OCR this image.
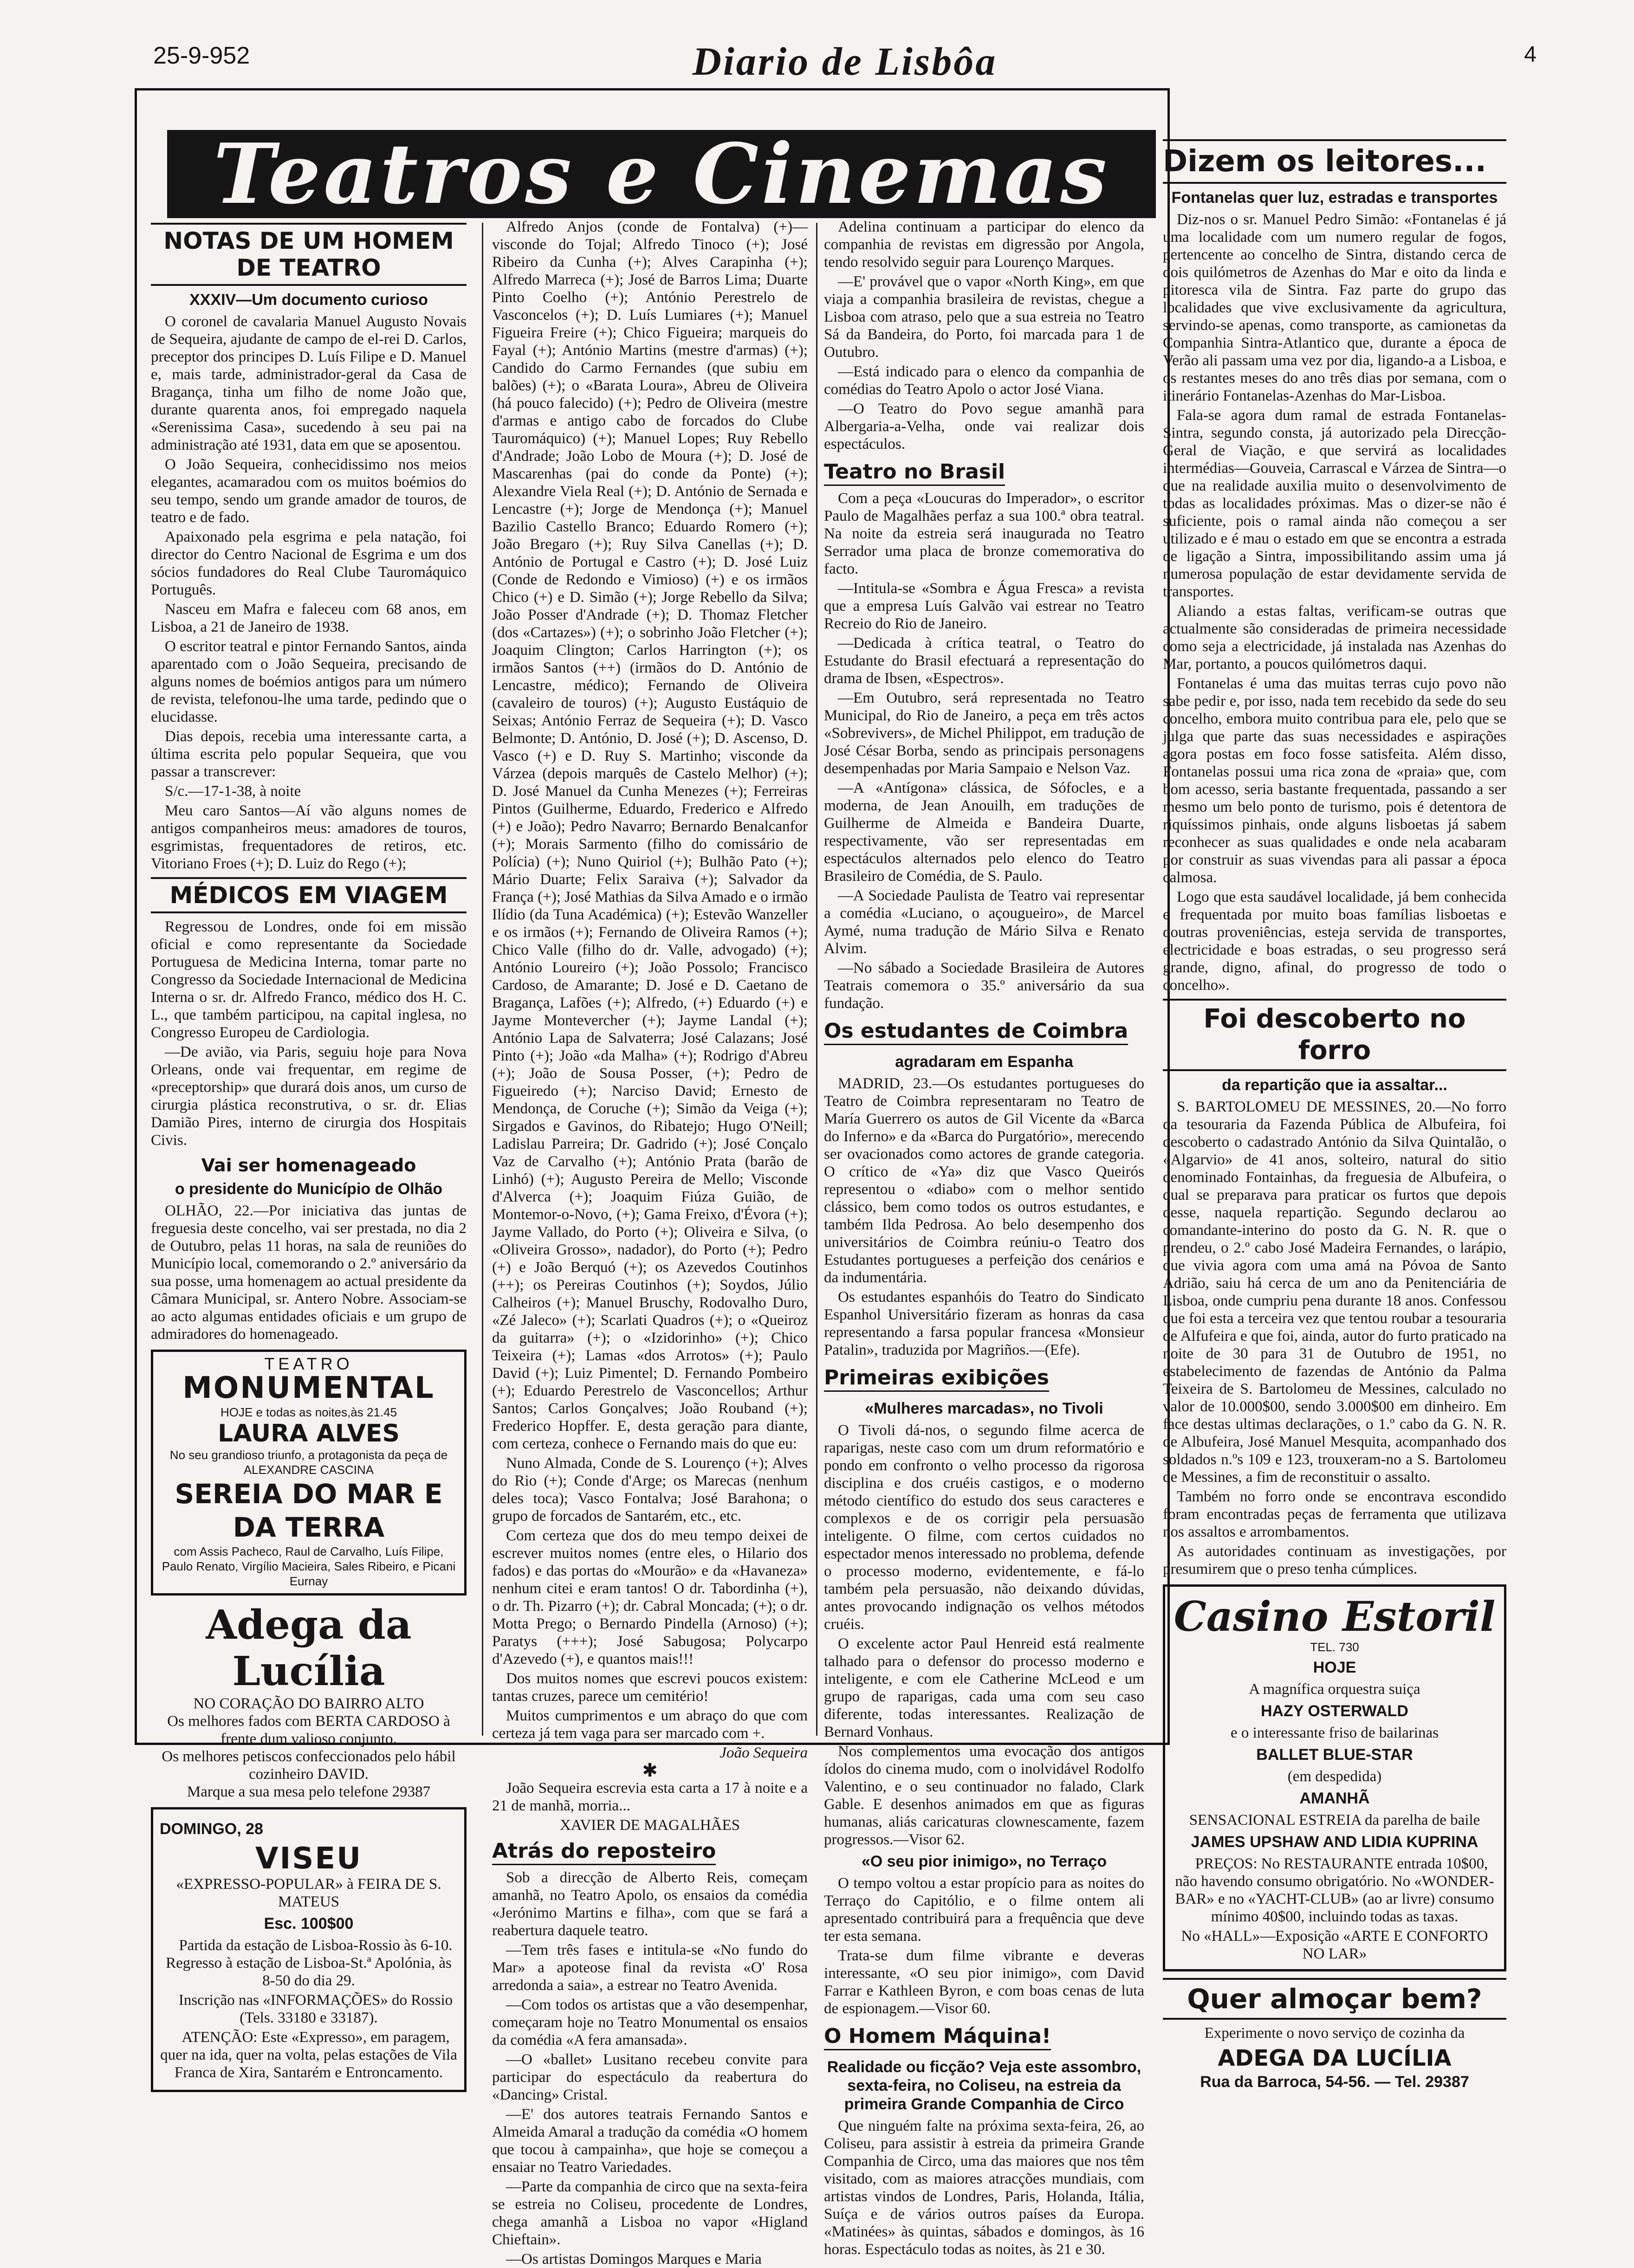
25-9-952	Diario de Lisbôa	4
Teatros e Cinemas
NOTAS DE UM HOMEM DE TEATRO
XXXIV—Um documento curioso

O coronel de cavalaria Manuel Augusto Novais de Sequeira, ajudante de campo de el-rei D. Carlos, preceptor dos principes D. Luís Filipe e D. Manuel e, mais tarde, administrador-geral da Casa de Bragança, tinha um filho de nome João que, durante quarenta anos, foi empregado naquela «Serenissima Casa», sucedendo à seu pai na administração até 1931, data em que se aposentou.

O João Sequeira, conhecidissimo nos meios elegantes, acamaradou com os muitos boémios do seu tempo, sendo um grande amador de touros, de teatro e de fado.

Apaixonado pela esgrima e pela natação, foi director do Centro Nacional de Esgrima e um dos sócios fundadores do Real Clube Tauromáquico Português.

Nasceu em Mafra e faleceu com 68 anos, em Lisboa, a 21 de Janeiro de 1938.

O escritor teatral e pintor Fernando Santos, ainda aparentado com o João Sequeira, precisando de alguns nomes de boémios antigos para um número de revista, telefonou-lhe uma tarde, pedindo que o elucidasse.

Dias depois, recebia uma interessante carta, a última escrita pelo popular Sequeira, que vou passar a transcrever:

S/c.—17-1-38, à noite

Meu caro Santos—Aí vão alguns nomes de antigos companheiros meus: amadores de touros, esgrimistas, frequentadores de retiros, etc. Vitoriano Froes (+); D. Luiz do Rego (+);

MÉDICOS EM VIAGEM

Regressou de Londres, onde foi em missão oficial e como representante da Sociedade Portuguesa de Medicina Interna, tomar parte no Congresso da Sociedade Internacional de Medicina Interna o sr. dr. Alfredo Franco, médico dos H. C. L., que também participou, na capital inglesa, no Congresso Europeu de Cardiologia.

—De avião, via Paris, seguiu hoje para Nova Orleans, onde vai frequentar, em regime de «preceptorship» que durará dois anos, um curso de cirurgia plástica reconstrutiva, o sr. dr. Elias Damião Pires, interno de cirurgia dos Hospitais Civis.

Vai ser homenageado
o presidente do Município de Olhão

OLHÃO, 22.—Por iniciativa das juntas de freguesia deste concelho, vai ser prestada, no dia 2 de Outubro, pelas 11 horas, na sala de reuniões do Município local, comemorando o 2.º aniversário da sua posse, uma homenagem ao actual presidente da Câmara Municipal, sr. Antero Nobre. Associam-se ao acto algumas entidades oficiais e um grupo de admiradores do homenageado.

TEATRO
MONUMENTAL
HOJE e todas as noites,às 21.45
LAURA ALVES
No seu grandioso triunfo, a protagonista da peça de ALEXANDRE CASCINA
SEREIA DO MAR E DA TERRA
com Assis Pacheco, Raul de Carvalho, Luís Filipe, Paulo Renato, Virgílio Macieira, Sales Ribeiro, e Picani Eurnay
Adega da Lucília
NO CORAÇÃO DO BAIRRO ALTO
Os melhores fados com BERTA CARDOSO à frente dum valioso conjunto.
Os melhores petiscos confeccionados pelo hábil cozinheiro DAVID.
Marque a sua mesa pelo telefone 29387
DOMINGO, 28
VISEU
«EXPRESSO-POPULAR» à FEIRA DE S. MATEUS
Esc. 100$00

Partida da estação de Lisboa-Rossio às 6-10. Regresso à estação de Lisboa-St.ª Apolónia, às 8-50 do dia 29.

Inscrição nas «INFORMAÇÕES» do Rossio (Tels. 33180 e 33187).

ATENÇÃO: Este «Expresso», em paragem, quer na ida, quer na volta, pelas estações de Vila Franca de Xira, Santarém e Entroncamento.

Alfredo Anjos (conde de Fontalva) (+)—visconde do Tojal; Alfredo Tinoco (+); José Ribeiro da Cunha (+); Alves Carapinha (+); Alfredo Marreca (+); José de Barros Lima; Duarte Pinto Coelho (+); António Perestrelo de Vasconcelos (+); D. Luís Lumiares (+); Manuel Figueira Freire (+); Chico Figueira; marqueis do Fayal (+); António Martins (mestre d'armas) (+); Candido do Carmo Fernandes (que subiu em balões) (+); o «Barata Loura», Abreu de Oliveira (há pouco falecido) (+); Pedro de Oliveira (mestre d'armas e antigo cabo de forcados do Clube Tauromáquico) (+); Manuel Lopes; Ruy Rebello d'Andrade; João Lobo de Moura (+); D. José de Mascarenhas (pai do conde da Ponte) (+); Alexandre Viela Real (+); D. António de Sernada e Lencastre (+); Jorge de Mendonça (+); Manuel Bazilio Castello Branco; Eduardo Romero (+); João Bregaro (+); Ruy Silva Canellas (+); D. António de Portugal e Castro (+); D. José Luiz (Conde de Redondo e Vimioso) (+) e os irmãos Chico (+) e D. Simão (+); Jorge Rebello da Silva; João Posser d'Andrade (+); D. Thomaz Fletcher (dos «Cartazes») (+); o sobrinho João Fletcher (+); Joaquim Clington; Carlos Harrington (+); os irmãos Santos (++) (irmãos do D. António de Lencastre, médico); Fernando de Oliveira (cavaleiro de touros) (+); Augusto Eustáquio de Seixas; António Ferraz de Sequeira (+); D. Vasco Belmonte; D. António, D. José (+); D. Ascenso, D. Vasco (+) e D. Ruy S. Martinho; visconde da Várzea (depois marquês de Castelo Melhor) (+); D. José Manuel da Cunha Menezes (+); Ferreiras Pintos (Guilherme, Eduardo, Frederico e Alfredo (+) e João); Pedro Navarro; Bernardo Benalcanfor (+); Morais Sarmento (filho do comissário de Polícia) (+); Nuno Quiriol (+); Bulhão Pato (+); Mário Duarte; Felix Saraiva (+); Salvador da França (+); José Mathias da Silva Amado e o irmão Ilídio (da Tuna Académica) (+); Estevão Wanzeller e os irmãos (+); Fernando de Oliveira Ramos (+); Chico Valle (filho do dr. Valle, advogado) (+); António Loureiro (+); João Possolo; Francisco Cardoso, de Amarante; D. José e D. Caetano de Bragança, Lafões (+); Alfredo, (+) Eduardo (+) e Jayme Montevercher (+); Jayme Landal (+); António Lapa de Salvaterra; José Calazans; José Pinto (+); João «da Malha» (+); Rodrigo d'Abreu (+); João de Sousa Posser, (+); Pedro de Figueiredo (+); Narciso David; Ernesto de Mendonça, de Coruche (+); Simão da Veiga (+); Sirgados e Gavinos, do Ribatejo; Hugo O'Neill; Ladislau Parreira; Dr. Gadrido (+); José Conçalo Vaz de Carvalho (+); António Prata (barão de Linhó) (+); Augusto Pereira de Mello; Visconde d'Alverca (+); Joaquim Fiúza Guião, de Montemor-o-Novo, (+); Gama Freixo, d'Évora (+); Jayme Vallado, do Porto (+); Oliveira e Silva, (o «Oliveira Grosso», nadador), do Porto (+); Pedro (+) e João Berquó (+); os Azevedos Coutinhos (++); os Pereiras Coutinhos (+); Soydos, Júlio Calheiros (+); Manuel Bruschy, Rodovalho Duro, «Zé Jaleco» (+); Scarlati Quadros (+); o «Queiroz da guitarra» (+); o «Izidorinho» (+); Chico Teixeira (+); Lamas «dos Arrotos» (+); Paulo David (+); Luiz Pimentel; D. Fernando Pombeiro (+); Eduardo Perestrelo de Vasconcellos; Arthur Santos; Carlos Gonçalves; João Rouband (+); Frederico Hopffer. E, desta geração para diante, com certeza, conhece o Fernando mais do que eu:

Nuno Almada, Conde de S. Lourenço (+); Alves do Rio (+); Conde d'Arge; os Marecas (nenhum deles toca); Vasco Fontalva; José Barahona; o grupo de forcados de Santarém, etc., etc.

Com certeza que dos do meu tempo deixei de escrever muitos nomes (entre eles, o Hilario dos fados) e das portas do «Mourão» e da «Havaneza» nenhum citei e eram tantos! O dr. Tabordinha (+), o dr. Th. Pizarro (+); dr. Cabral Moncada; (+); o dr. Motta Prego; o Bernardo Pindella (Arnoso) (+); Paratys (+++); José Sabugosa; Polycarpo d'Azevedo (+), e quantos mais!!!

Dos muitos nomes que escrevi poucos existem: tantas cruzes, parece um cemitério!

Muitos cumprimentos e um abraço do que com certeza já tem vaga para ser marcado com +.

João Sequeira
✱

João Sequeira escrevia esta carta a 17 à noite e a 21 de manhã, morria...

XAVIER DE MAGALHÃES
Atrás do reposteiro

Sob a direcção de Alberto Reis, começam amanhã, no Teatro Apolo, os ensaios da comédia «Jerónimo Martins e filha», com que se fará a reabertura daquele teatro.

—Tem três fases e intitula-se «No fundo do Mar» a apoteose final da revista «O' Rosa arredonda a saia», a estrear no Teatro Avenida.

—Com todos os artistas que a vão desempenhar, começaram hoje no Teatro Monumental os ensaios da comédia «A fera amansada».

—O «ballet» Lusitano recebeu convite para participar do espectáculo da reabertura do «Dancing» Cristal.

—E' dos autores teatrais Fernando Santos e Almeida Amaral a tradução da comédia «O homem que tocou à campainha», que hoje se começou a ensaiar no Teatro Variedades.

—Parte da companhia de circo que na sexta-feira se estreia no Coliseu, procedente de Londres, chega amanhã a Lisboa no vapor «Higland Chieftain».

—Os artistas Domingos Marques e Maria

Adelina continuam a participar do elenco da companhia de revistas em digressão por Angola, tendo resolvido seguir para Lourenço Marques.

—E' provável que o vapor «North King», em que viaja a companhia brasileira de revistas, chegue a Lisboa com atraso, pelo que a sua estreia no Teatro Sá da Bandeira, do Porto, foi marcada para 1 de Outubro.

—Está indicado para o elenco da companhia de comédias do Teatro Apolo o actor José Viana.

—O Teatro do Povo segue amanhã para Albergaria-a-Velha, onde vai realizar dois espectáculos.

Teatro no Brasil

Com a peça «Loucuras do Imperador», o escritor Paulo de Magalhães perfaz a sua 100.ª obra teatral. Na noite da estreia será inaugurada no Teatro Serrador uma placa de bronze comemorativa do facto.

—Intitula-se «Sombra e Água Fresca» a revista que a empresa Luís Galvão vai estrear no Teatro Recreio do Rio de Janeiro.

—Dedicada à crítica teatral, o Teatro do Estudante do Brasil efectuará a representação do drama de Ibsen, «Espectros».

—Em Outubro, será representada no Teatro Municipal, do Rio de Janeiro, a peça em três actos «Sobrevivers», de Michel Philippot, em tradução de José César Borba, sendo as principais personagens desempenhadas por Maria Sampaio e Nelson Vaz.

—A «Antígona» clássica, de Sófocles, e a moderna, de Jean Anouilh, em traduções de Guilherme de Almeida e Bandeira Duarte, respectivamente, vão ser representadas em espectáculos alternados pelo elenco do Teatro Brasileiro de Comédia, de S. Paulo.

—A Sociedade Paulista de Teatro vai representar a comédia «Luciano, o açougueiro», de Marcel Aymé, numa tradução de Mário Silva e Renato Alvim.

—No sábado a Sociedade Brasileira de Autores Teatrais comemora o 35.º aniversário da sua fundação.

Os estudantes de Coimbra
agradaram em Espanha

MADRID, 23.—Os estudantes portugueses do Teatro de Coimbra representaram no Teatro de María Guerrero os autos de Gil Vicente da «Barca do Inferno» e da «Barca do Purgatório», merecendo ser ovacionados como actores de grande categoria. O crítico de «Ya» diz que Vasco Queirós representou o «diabo» com o melhor sentido clássico, bem como todos os outros estudantes, e também Ilda Pedrosa. Ao belo desempenho dos universitários de Coimbra reúniu-o Teatro dos Estudantes portugueses a perfeição dos cenários e da indumentária.

Os estudantes espanhóis do Teatro do Sindicato Espanhol Universitário fizeram as honras da casa representando a farsa popular francesa «Monsieur Patalin», traduzida por Magriños.—(Efe).

Primeiras exibições
«Mulheres marcadas», no Tivoli

O Tivoli dá-nos, o segundo filme acerca de raparigas, neste caso com um drum reformatório e pondo em confronto o velho processo da rigorosa disciplina e dos cruéis castigos, e o moderno método científico do estudo dos seus caracteres e complexos e de os corrigir pela persuasão inteligente. O filme, com certos cuidados no espectador menos interessado no problema, defende o processo moderno, evidentemente, e fá-lo também pela persuasão, não deixando dúvidas, antes provocando indignação os velhos métodos cruéis.

O excelente actor Paul Henreid está realmente talhado para o defensor do processo moderno e inteligente, e com ele Catherine McLeod e um grupo de raparigas, cada uma com seu caso diferente, todas interessantes. Realização de Bernard Vonhaus.

Nos complementos uma evocação dos antigos ídolos do cinema mudo, com o inolvidável Rodolfo Valentino, e o seu continuador no falado, Clark Gable. E desenhos animados em que as figuras humanas, aliás caricaturas clownescamente, fazem progressos.—Visor 62.

«O seu pior inimigo», no Terraço

O tempo voltou a estar propício para as noites do Terraço do Capitólio, e o filme ontem ali apresentado contribuirá para a frequência que deve ter esta semana.

Trata-se dum filme vibrante e deveras interessante, «O seu pior inimigo», com David Farrar e Kathleen Byron, e com boas cenas de luta de espionagem.—Visor 60.

O Homem Máquina!
Realidade ou ficção? Veja este assombro, sexta-feira, no Coliseu, na estreia da primeira Grande Companhia de Circo

Que ninguém falte na próxima sexta-feira, 26, ao Coliseu, para assistir à estreia da primeira Grande Companhia de Circo, uma das maiores que nos têm visitado, com as maiores atracções mundiais, com artistas vindos de Londres, Paris, Holanda, Itália, Suíça e de vários outros países da Europa. «Matinées» às quintas, sábados e domingos, às 16 horas. Espectáculo todas as noites, às 21 e 30.

Dizem os leitores...
Fontanelas quer luz, estradas e transportes

Diz-nos o sr. Manuel Pedro Simão: «Fontanelas é já uma localidade com um numero regular de fogos, pertencente ao concelho de Sintra, distando cerca de dois quilómetros de Azenhas do Mar e oito da linda e pitoresca vila de Sintra. Faz parte do grupo das localidades que vive exclusivamente da agricultura, servindo-se apenas, como transporte, as camionetas da Companhia Sintra-Atlantico que, durante a época de Verão ali passam uma vez por dia, ligando-a a Lisboa, e os restantes meses do ano três dias por semana, com o itinerário Fontanelas-Azenhas do Mar-Lisboa.

Fala-se agora dum ramal de estrada Fontanelas-Sintra, segundo consta, já autorizado pela Direcção-Geral de Viação, e que servirá as localidades intermédias—Gouveia, Carrascal e Várzea de Sintra—o que na realidade auxilia muito o desenvolvimento de todas as localidades próximas. Mas o dizer-se não é suficiente, pois o ramal ainda não começou a ser utilizado e é mau o estado em que se encontra a estrada de ligação a Sintra, impossibilitando assim uma já numerosa população de estar devidamente servida de transportes.

Aliando a estas faltas, verificam-se outras que actualmente são consideradas de primeira necessidade como seja a electricidade, já instalada nas Azenhas do Mar, portanto, a poucos quilómetros daqui.

Fontanelas é uma das muitas terras cujo povo não sabe pedir e, por isso, nada tem recebido da sede do seu concelho, embora muito contribua para ele, pelo que se julga que parte das suas necessidades e aspirações agora postas em foco fosse satisfeita. Além disso, Fontanelas possui uma rica zona de «praia» que, com bom acesso, seria bastante frequentada, passando a ser mesmo um belo ponto de turismo, pois é detentora de riquíssimos pinhais, onde alguns lisboetas já sabem reconhecer as suas qualidades e onde nela acabaram por construir as suas vivendas para ali passar a época calmosa.

Logo que esta saudável localidade, já bem conhecida e frequentada por muito boas famílias lisboetas e doutras proveniências, esteja servida de transportes, electricidade e boas estradas, o seu progresso será grande, digno, afinal, do progresso de todo o concelho».

Foi descoberto no forro
da repartição que ia assaltar...

S. BARTOLOMEU DE MESSINES, 20.—No forro da tesouraria da Fazenda Pública de Albufeira, foi descoberto o cadastrado António da Silva Quintalão, o «Algarvio» de 41 anos, solteiro, natural do sitio denominado Fontainhas, da freguesia de Albufeira, o qual se preparava para praticar os furtos que depois desse, naquela repartição. Segundo declarou ao comandante-interino do posto da G. N. R. que o prendeu, o 2.º cabo José Madeira Fernandes, o larápio, que vivia agora com uma amá na Póvoa de Santo Adrião, saiu há cerca de um ano da Penitenciária de Lisboa, onde cumpriu pena durante 18 anos. Confessou que foi esta a terceira vez que tentou roubar a tesouraria de Alfufeira e que foi, ainda, autor do furto praticado na noite de 30 para 31 de Outubro de 1951, no estabelecimento de fazendas de António da Palma Teixeira de S. Bartolomeu de Messines, calculado no valor de 10.000$00, sendo 3.000$00 em dinheiro. Em face destas ultimas declarações, o 1.º cabo da G. N. R. de Albufeira, José Manuel Mesquita, acompanhado dos soldados n.ºs 109 e 123, trouxeram-no a S. Bartolomeu de Messines, a fim de reconstituir o assalto.

Também no forro onde se encontrava escondido foram encontradas peças de ferramenta que utilizava nos assaltos e arrombamentos.

As autoridades continuam as investigações, por presumirem que o preso tenha cúmplices.

Casino Estoril
TEL. 730
HOJE
A magnífica orquestra suiça
HAZY OSTERWALD
e o interessante friso de bailarinas
BALLET BLUE-STAR
(em despedida)
AMANHÃ
SENSACIONAL ESTREIA da parelha de baile
JAMES UPSHAW AND LIDIA KUPRINA

PREÇOS: No RESTAURANTE entrada 10$00, não havendo consumo obrigatório. No «WONDER-BAR» e no «YACHT-CLUB» (ao ar livre) consumo mínimo 40$00, incluindo todas as taxas.

No «HALL»—Exposição «ARTE E CONFORTO NO LAR»
Quer almoçar bem?
Experimente o novo serviço de cozinha da
ADEGA DA LUCÍLIA
Rua da Barroca, 54-56. — Tel. 29387
